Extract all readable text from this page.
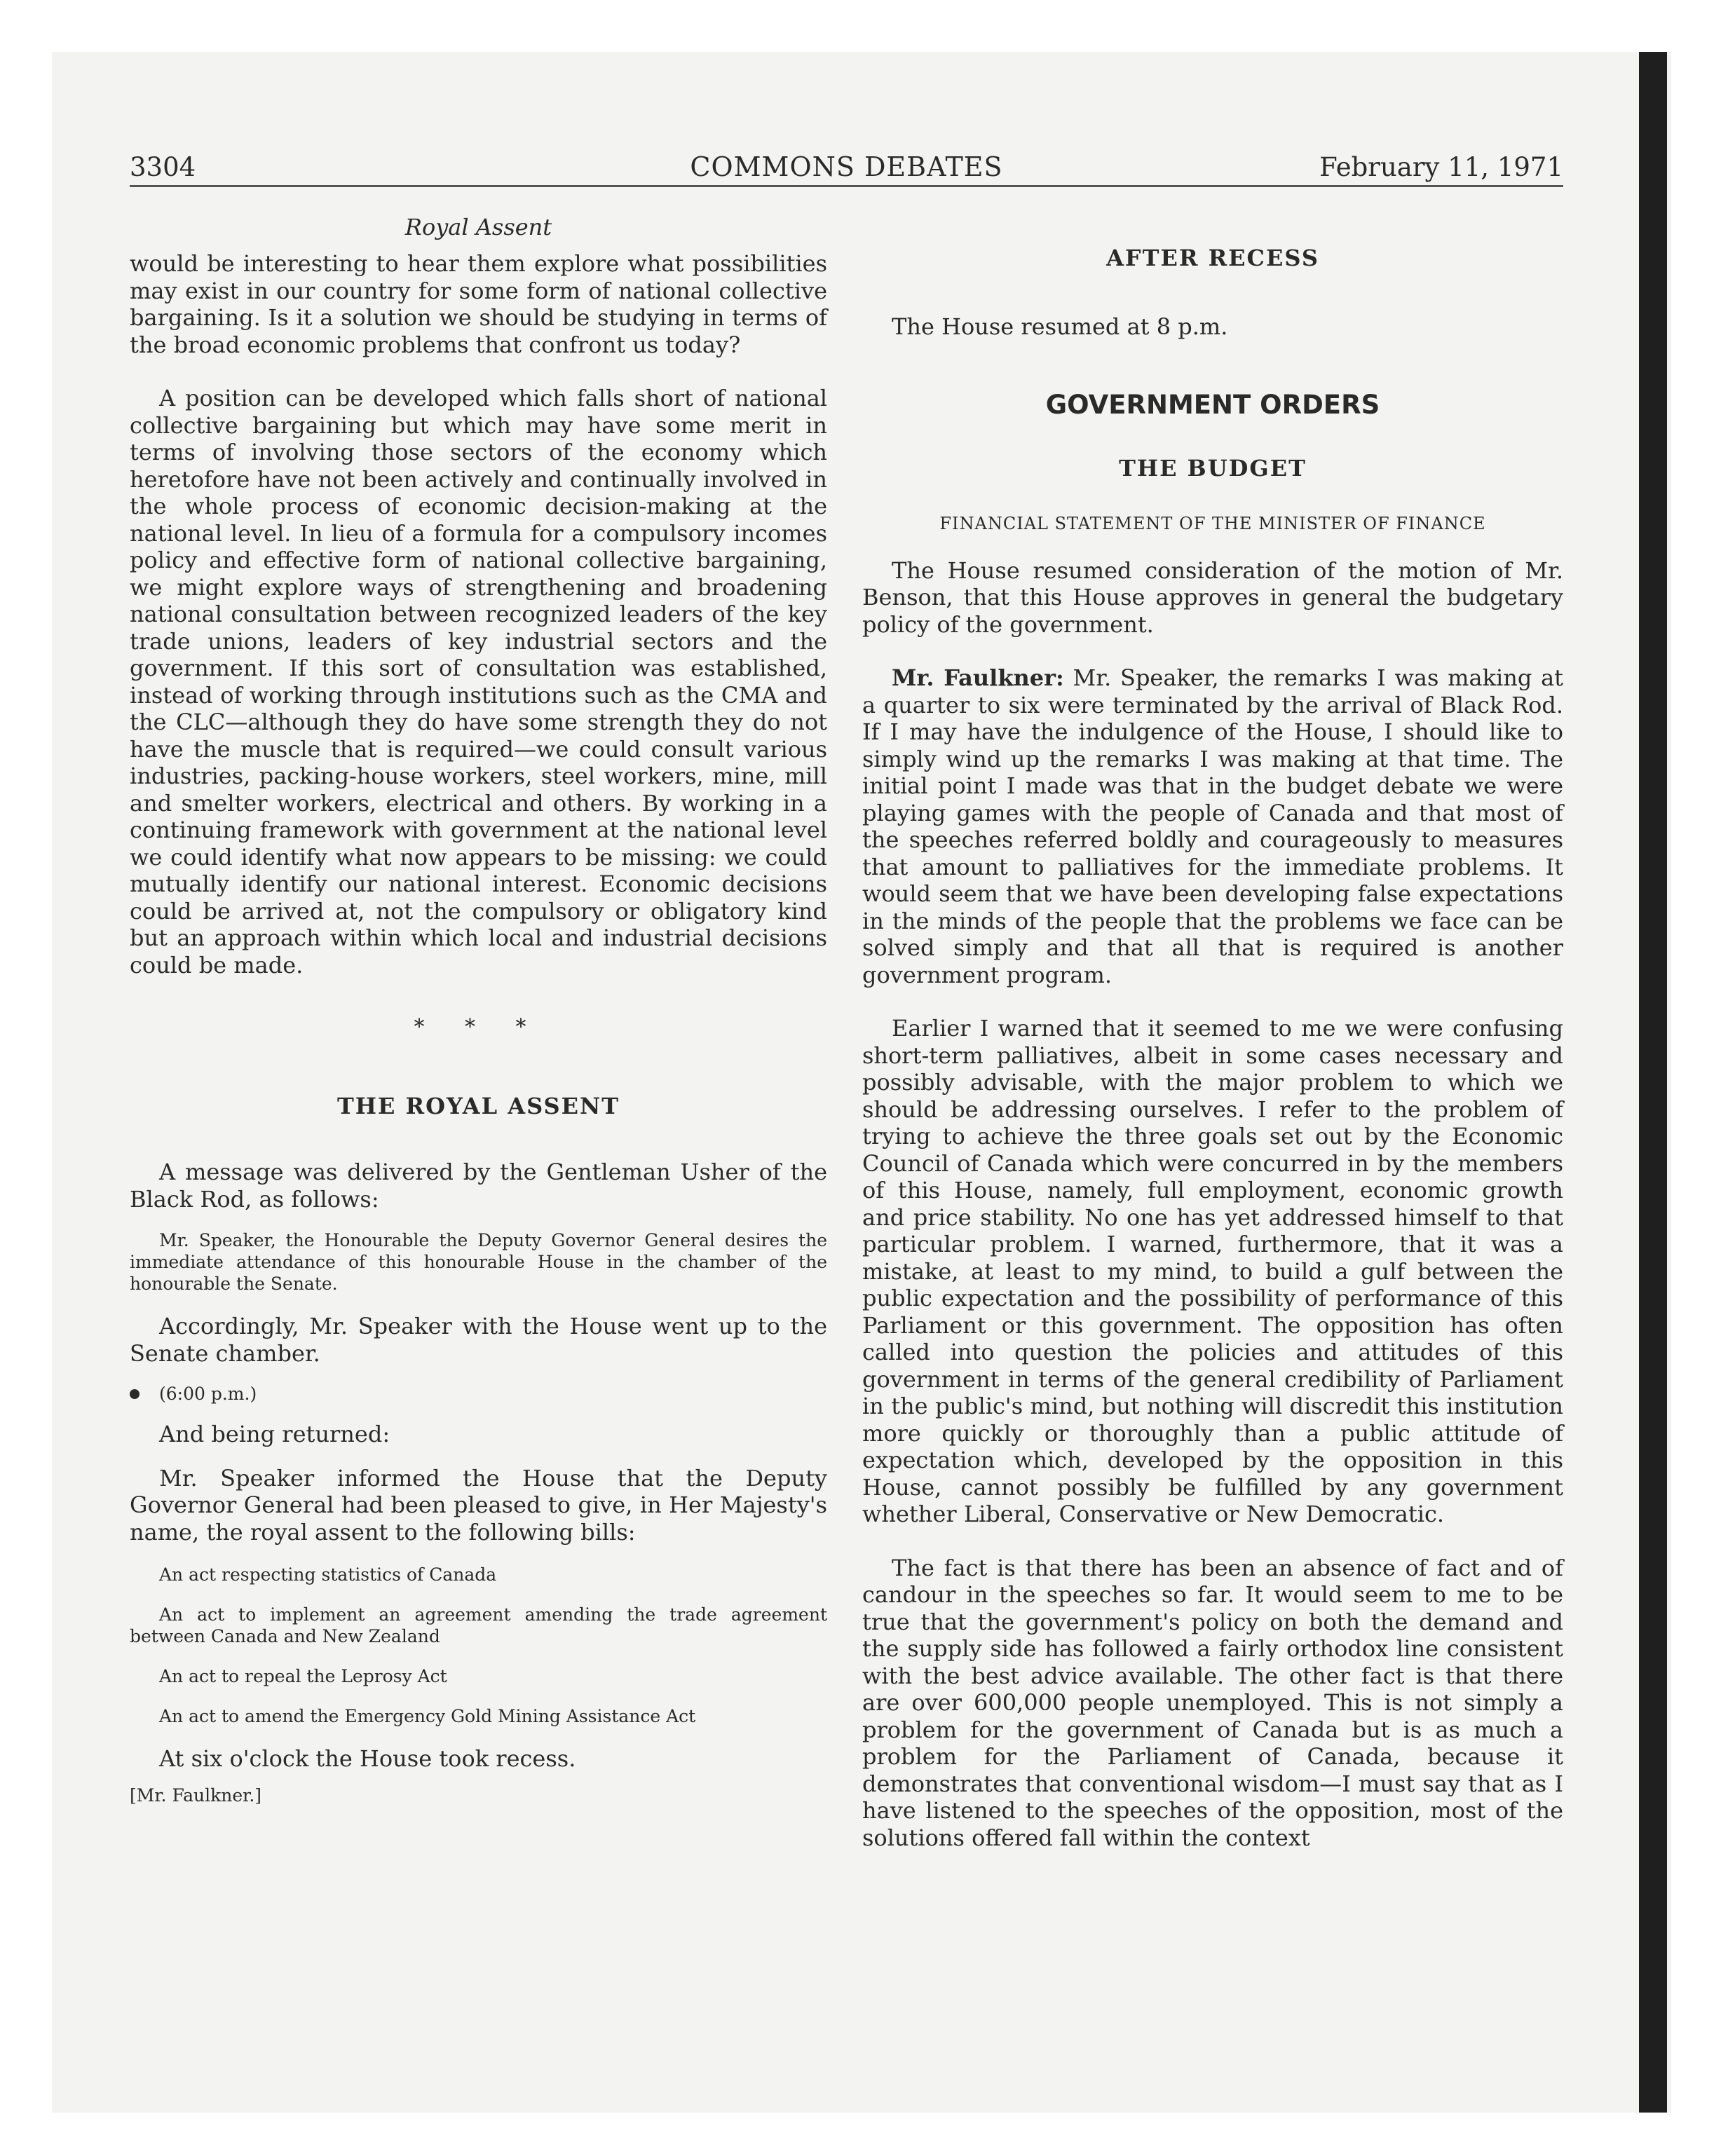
3304	COMMONS DEBATES	February 11, 1971

Royal Assent

would be interesting to hear them explore what possibilities may exist in our country for some form of national collective bargaining. Is it a solution we should be studying in terms of the broad economic problems that confront us today?

A position can be developed which falls short of national collective bargaining but which may have some merit in terms of involving those sectors of the economy which heretofore have not been actively and continually involved in the whole process of economic decision-making at the national level. In lieu of a formula for a compulsory incomes policy and effective form of national collective bargaining, we might explore ways of strengthening and broadening national consultation between recognized leaders of the key trade unions, leaders of key industrial sectors and the government. If this sort of consultation was established, instead of working through institutions such as the CMA and the CLC—although they do have some strength they do not have the muscle that is required—we could consult various industries, packing-house workers, steel workers, mine, mill and smelter workers, electrical and others. By working in a continuing framework with government at the national level we could identify what now appears to be missing: we could mutually identify our national interest. Economic decisions could be arrived at, not the compulsory or obligatory kind but an approach within which local and industrial decisions could be made.

* * *

THE ROYAL ASSENT

A message was delivered by the Gentleman Usher of the Black Rod, as follows:

Mr. Speaker, the Honourable the Deputy Governor General desires the immediate attendance of this honourable House in the chamber of the honourable the Senate.

Accordingly, Mr. Speaker with the House went up to the Senate chamber.

(6:00 p.m.)

And being returned:

Mr. Speaker informed the House that the Deputy Governor General had been pleased to give, in Her Majesty's name, the royal assent to the following bills:

An act respecting statistics of Canada

An act to implement an agreement amending the trade agreement between Canada and New Zealand

An act to repeal the Leprosy Act

An act to amend the Emergency Gold Mining Assistance Act

At six o'clock the House took recess.

[Mr. Faulkner.]

AFTER RECESS

The House resumed at 8 p.m.

GOVERNMENT ORDERS

THE BUDGET

FINANCIAL STATEMENT OF THE MINISTER OF FINANCE

The House resumed consideration of the motion of Mr. Benson, that this House approves in general the budgetary policy of the government.

Mr. Faulkner: Mr. Speaker, the remarks I was making at a quarter to six were terminated by the arrival of Black Rod. If I may have the indulgence of the House, I should like to simply wind up the remarks I was making at that time. The initial point I made was that in the budget debate we were playing games with the people of Canada and that most of the speeches referred boldly and courageously to measures that amount to palliatives for the immediate problems. It would seem that we have been developing false expectations in the minds of the people that the problems we face can be solved simply and that all that is required is another government program.

Earlier I warned that it seemed to me we were confusing short-term palliatives, albeit in some cases necessary and possibly advisable, with the major problem to which we should be addressing ourselves. I refer to the problem of trying to achieve the three goals set out by the Economic Council of Canada which were concurred in by the members of this House, namely, full employment, economic growth and price stability. No one has yet addressed himself to that particular problem. I warned, furthermore, that it was a mistake, at least to my mind, to build a gulf between the public expectation and the possibility of performance of this Parliament or this government. The opposition has often called into question the policies and attitudes of this government in terms of the general credibility of Parliament in the public's mind, but nothing will discredit this institution more quickly or thoroughly than a public attitude of expectation which, developed by the opposition in this House, cannot possibly be fulfilled by any government whether Liberal, Conservative or New Democratic.

The fact is that there has been an absence of fact and of candour in the speeches so far. It would seem to me to be true that the government's policy on both the demand and the supply side has followed a fairly orthodox line consistent with the best advice available. The other fact is that there are over 600,000 people unemployed. This is not simply a problem for the government of Canada but is as much a problem for the Parliament of Canada, because it demonstrates that conventional wisdom—I must say that as I have listened to the speeches of the opposition, most of the solutions offered fall within the context
